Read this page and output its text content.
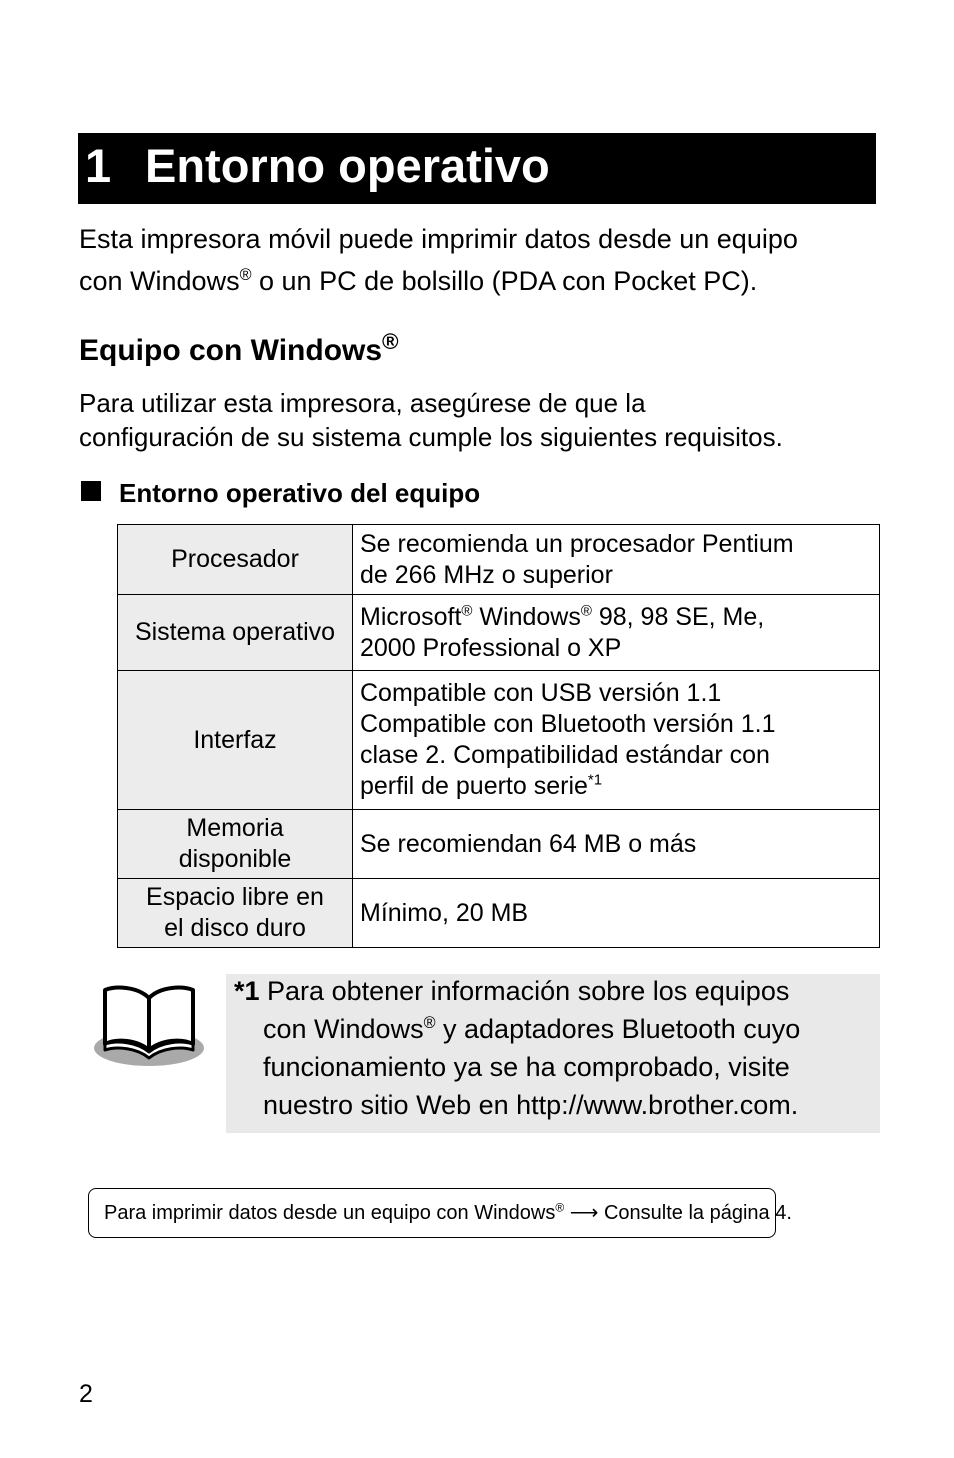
1 Entorno operativo
Esta impresora móvil puede imprimir datos desde un equipo
con Windows® o un PC de bolsillo (PDA con Pocket PC).
Equipo con Windows®
Para utilizar esta impresora, asegúrese de que la
configuración de su sistema cumple los siguientes requisitos.
Entorno operativo del equipo
Procesador	Se recomienda un procesador Pentium
de 266 MHz o superior
Sistema operativo	Microsoft® Windows® 98, 98 SE, Me,
2000 Professional o XP
Interfaz	Compatible con USB versión 1.1
Compatible con Bluetooth versión 1.1
clase 2. Compatibilidad estándar con
perfil de puerto serie$^{*1}$
Memoria
disponible	Se recomiendan 64 MB o más
Espacio libre en
el disco duro	Mínimo, 20 MB
*1 Para obtener información sobre los equipos
con Windows® y adaptadores Bluetooth cuyo
funcionamiento ya se ha comprobado, visite
nuestro sitio Web en http://www.brother.com.
Para imprimir datos desde un equipo con Windows® ⟶ Consulte la página 4.
2
